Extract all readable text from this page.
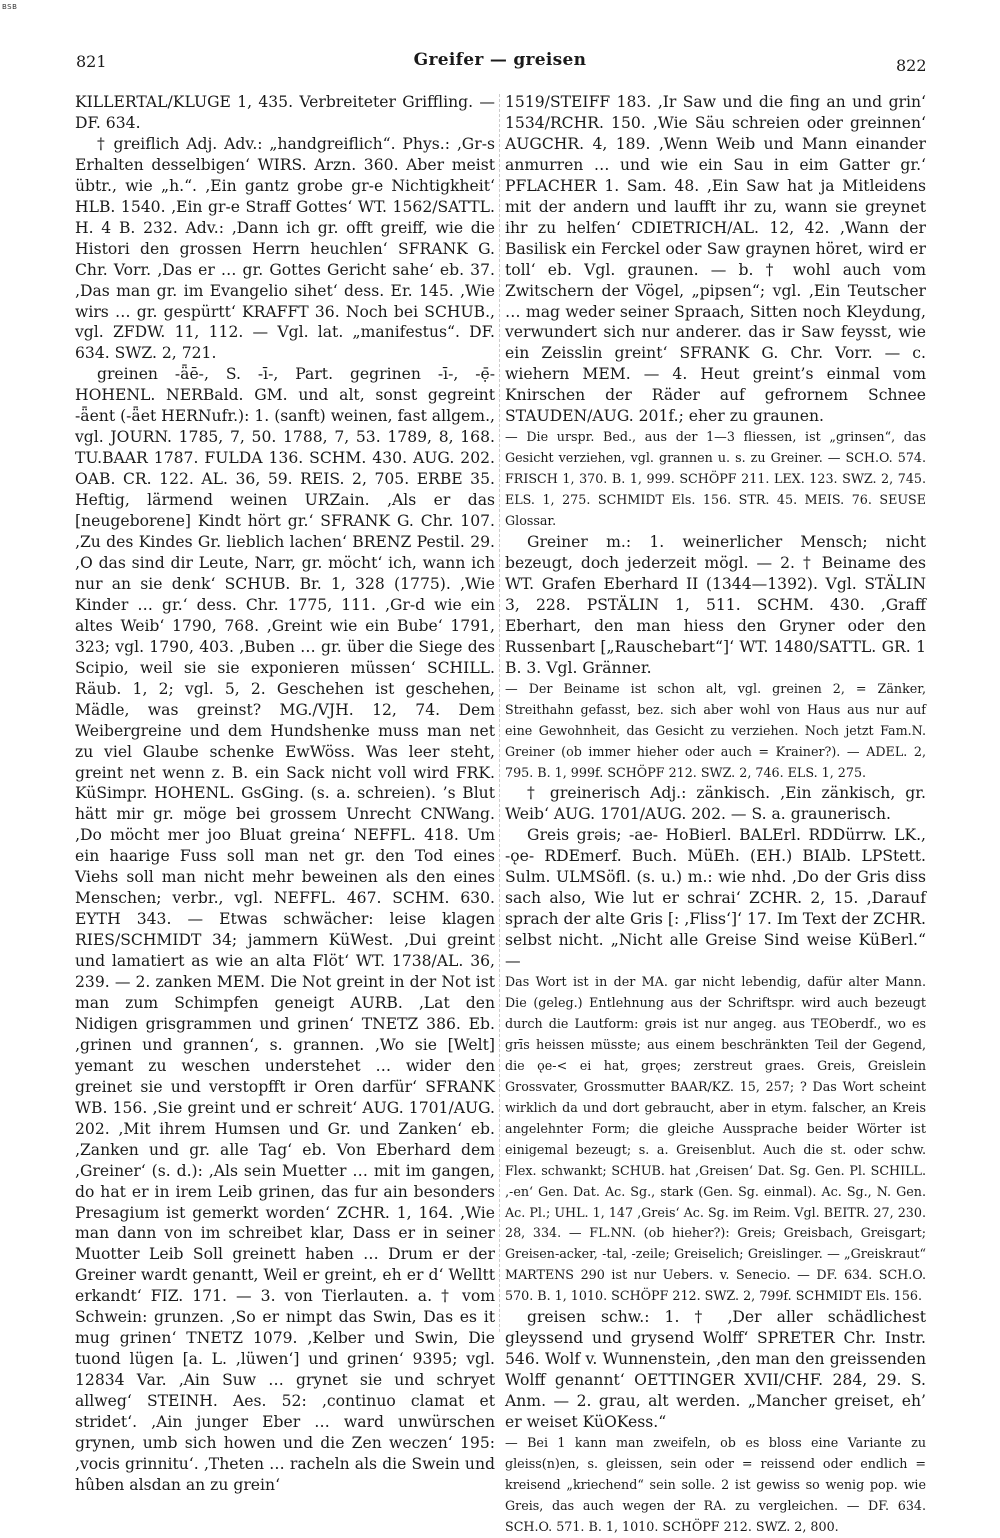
BSB
821	Greifer — greisen	822

KILLERTAL/KLUGE 1, 435. Verbreiteter Griffling. — DF. 634.

† greiflich Adj. Adv.: „handgreiflich“. Phys.: ‚Gr-s Erhalten desselbigen‘ WIRS. Arzn. 360. Aber meist übtr., wie „h.“. ‚Ein gantz grobe gr-e Nichtigkheit‘ HLB. 1540. ‚Ein gr-e Straff Gottes‘ WT. 1562/SATTL. H. 4 B. 232. Adv.: ‚Dann ich gr. offt greiff, wie die Histori den grossen Herrn heuchlen‘ SFRANK G. Chr. Vorr. ‚Das er … gr. Gottes Gericht sahe‘ eb. 37. ‚Das man gr. im Evangelio sihet‘ dess. Er. 145. ‚Wie wirs … gr. gespürtt‘ KRAFFT 36. Noch bei SCHUB., vgl. ZFDW. 11, 112. — Vgl. lat. „manifestus“. DF. 634. SWZ. 2, 721.

greinen -ǟē-, S. -ī-, Part. gegrinen -ī-, -ẹ̄- HOHENL. NERBald. GM. und alt, sonst gegreint -ǟent (-ǟet HERNufr.): 1. (sanft) weinen, fast allgem., vgl. JOURN. 1785, 7, 50. 1788, 7, 53. 1789, 8, 168. TU.BAAR 1787. FULDA 136. SCHM. 430. AUG. 202. OAB. CR. 122. AL. 36, 59. REIS. 2, 705. ERBE 35. Heftig, lärmend weinen URZain. ‚Als er das [neugeborene] Kindt hört gr.‘ SFRANK G. Chr. 107. ‚Zu des Kindes Gr. lieblich lachen‘ BRENZ Pestil. 29. ‚O das sind dir Leute, Narr, gr. möcht‘ ich, wann ich nur an sie denk‘ SCHUB. Br. 1, 328 (1775). ‚Wie Kinder … gr.‘ dess. Chr. 1775, 111. ‚Gr-d wie ein altes Weib‘ 1790, 768. ‚Greint wie ein Bube‘ 1791, 323; vgl. 1790, 403. ‚Buben … gr. über die Siege des Scipio, weil sie sie exponieren müssen‘ SCHILL. Räub. 1, 2; vgl. 5, 2. Geschehen ist geschehen, Mädle, was greinst? MG./VJH. 12, 74. Dem Weibergreine und dem Hundshenke muss man net zu viel Glaube schenke EwWöss. Was leer steht, greint net wenn z. B. ein Sack nicht voll wird FRK. KüSimpr. HOHENL. GsGing. (s. a. schreien). ’s Blut hätt mir gr. möge bei grossem Unrecht CNWang. ‚Do möcht mer joo Bluat greina‘ NEFFL. 418. Um ein haarige Fuss soll man net gr. den Tod eines Viehs soll man nicht mehr beweinen als den eines Menschen; verbr., vgl. NEFFL. 467. SCHM. 630. EYTH 343. — Etwas schwächer: leise klagen RIES/SCHMIDT 34; jammern KüWest. ‚Dui greint und lamatiert as wie an alta Flöt‘ WT. 1738/AL. 36, 239. — 2. zanken MEM. Die Not greint in der Not ist man zum Schimpfen geneigt AURB. ‚Lat den Nidigen grisgrammen und grinen‘ TNETZ 386. Eb. ‚grinen und grannen‘, s. grannen. ‚Wo sie [Welt] yemant zu weschen understehet … wider den greinet sie und verstopfft ir Oren darfür‘ SFRANK WB. 156. ‚Sie greint und er schreit‘ AUG. 1701/AUG. 202. ‚Mit ihrem Humsen und Gr. und Zanken‘ eb. ‚Zanken und gr. alle Tag‘ eb. Von Eberhard dem ‚Greiner‘ (s. d.): ‚Als sein Muetter … mit im gangen, do hat er in irem Leib grinen, das fur ain besonders Presagium ist gemerkt worden‘ ZCHR. 1, 164. ‚Wie man dann von im schreibet klar, Dass er in seiner Muotter Leib Soll greinett haben … Drum er der Greiner wardt genantt, Weil er greint, eh er d‘ Welltt erkandt‘ FIZ. 171. — 3. von Tierlauten. a. † vom Schwein: grunzen. ‚So er nimpt das Swin, Das es it mug grinen‘ TNETZ 1079. ‚Kelber und Swin, Die tuond lügen [a. L. ‚lüwen‘] und grinen‘ 9395; vgl. 12834 Var. ‚Ain Suw … grynet sie und schryet allweg‘ STEINH. Aes. 52: ‚continuo clamat et stridet‘. ‚Ain junger Eber … ward unwürschen grynen, umb sich howen und die Zen weczen‘ 195: ‚vocis grinnitu‘. ‚Theten … racheln als die Swein und hûben alsdan an zu grein‘

1519/STEIFF 183. ‚Ir Saw und die fing an und grin‘ 1534/RCHR. 150. ‚Wie Säu schreien oder greinnen‘ AUGCHR. 4, 189. ‚Wenn Weib und Mann einander anmurren … und wie ein Sau in eim Gatter gr.‘ PFLACHER 1. Sam. 48. ‚Ein Saw hat ja Mitleidens mit der andern und laufft ihr zu, wann sie greynet ihr zu helfen‘ CDIETRICH/AL. 12, 42. ‚Wann der Basilisk ein Ferckel oder Saw graynen höret, wird er toll‘ eb. Vgl. graunen. — b. † wohl auch vom Zwitschern der Vögel, „pipsen“; vgl. ‚Ein Teutscher … mag weder seiner Spraach, Sitten noch Kleydung, verwundert sich nur anderer. das ir Saw feysst, wie ein Zeisslin greint‘ SFRANK G. Chr. Vorr. — c. wiehern MEM. — 4. Heut greint’s einmal vom Knirschen der Räder auf gefrornem Schnee STAUDEN/AUG. 201f.; eher zu graunen.

— Die urspr. Bed., aus der 1—3 fliessen, ist „grinsen“, das Gesicht verziehen, vgl. grannen u. s. zu Greiner. — SCH.O. 574. FRISCH 1, 370. B. 1, 999. SCHÖPF 211. LEX. 123. SWZ. 2, 745. ELS. 1, 275. SCHMIDT Els. 156. STR. 45. MEIS. 76. SEUSE Glossar.

Greiner m.: 1. weinerlicher Mensch; nicht bezeugt, doch jederzeit mögl. — 2. † Beiname des WT. Grafen Eberhard II (1344—1392). Vgl. STÄLIN 3, 228. PSTÄLIN 1, 511. SCHM. 430. ‚Graff Eberhart, den man hiess den Gryner oder den Russenbart [„Rauschebart“]‘ WT. 1480/SATTL. GR. 1 B. 3. Vgl. Gränner.

— Der Beiname ist schon alt, vgl. greinen 2, = Zänker, Streithahn gefasst, bez. sich aber wohl von Haus aus nur auf eine Gewohnheit, das Gesicht zu verziehen. Noch jetzt Fam.N. Greiner (ob immer hieher oder auch = Krainer?). — ADEL. 2, 795. B. 1, 999f. SCHÖPF 212. SWZ. 2, 746. ELS. 1, 275.

† greinerisch Adj.: zänkisch. ‚Ein zänkisch, gr. Weib‘ AUG. 1701/AUG. 202. — S. a. graunerisch.

Greis grəis; -ae- HoBierl. BALErl. RDDürrw. LK., -ǫe- RDEmerf. Buch. MüEh. (EH.) BIAlb. LPStett. Sulm. ULMSöfl. (s. u.) m.: wie nhd. ‚Do der Gris diss sach also, Wie lut er schrai‘ ZCHR. 2, 15. ‚Darauf sprach der alte Gris [: ‚Fliss‘]‘ 17. Im Text der ZCHR. selbst nicht. „Nicht alle Greise Sind weise KüBerl.“ —

Das Wort ist in der MA. gar nicht lebendig, dafür alter Mann. Die (geleg.) Entlehnung aus der Schriftspr. wird auch bezeugt durch die Lautform: grəis ist nur angeg. aus TEOberdf., wo es grīs heissen müsste; aus einem beschränkten Teil der Gegend, die ǫe-< ei hat, grǫes; zerstreut graes. Greis, Greislein Grossvater, Grossmutter BAAR/KZ. 15, 257; ? Das Wort scheint wirklich da und dort gebraucht, aber in etym. falscher, an Kreis angelehnter Form; die gleiche Aussprache beider Wörter ist einigemal bezeugt; s. a. Greisenblut. Auch die st. oder schw. Flex. schwankt; SCHUB. hat ‚Greisen‘ Dat. Sg. Gen. Pl. SCHILL. ‚-en‘ Gen. Dat. Ac. Sg., stark (Gen. Sg. einmal). Ac. Sg., N. Gen. Ac. Pl.; UHL. 1, 147 ‚Greis‘ Ac. Sg. im Reim. Vgl. BEITR. 27, 230. 28, 334. — FL.NN. (ob hieher?): Greis; Greisbach, Greisgart; Greisen-acker, -tal, -zeile; Greiselich; Greislinger. — „Greiskraut“ MARTENS 290 ist nur Uebers. v. Senecio. — DF. 634. SCH.O. 570. B. 1, 1010. SCHÖPF 212. SWZ. 2, 799f. SCHMIDT Els. 156.

greisen schw.: 1. † ‚Der aller schädlichest gleyssend und grysend Wolff‘ SPRETER Chr. Instr. 546. Wolf v. Wunnenstein, ‚den man den greissenden Wolff genannt‘ OETTINGER XVII/CHF. 284, 29. S. Anm. — 2. grau, alt werden. „Mancher greiset, eh’ er weiset KüOKess.“

— Bei 1 kann man zweifeln, ob es bloss eine Variante zu gleiss(n)en, s. gleissen, sein oder = reissend oder endlich = kreisend „kriechend“ sein solle. 2 ist gewiss so wenig pop. wie Greis, das auch wegen der RA. zu vergleichen. — DF. 634. SCH.O. 571. B. 1, 1010. SCHÖPF 212. SWZ. 2, 800.
